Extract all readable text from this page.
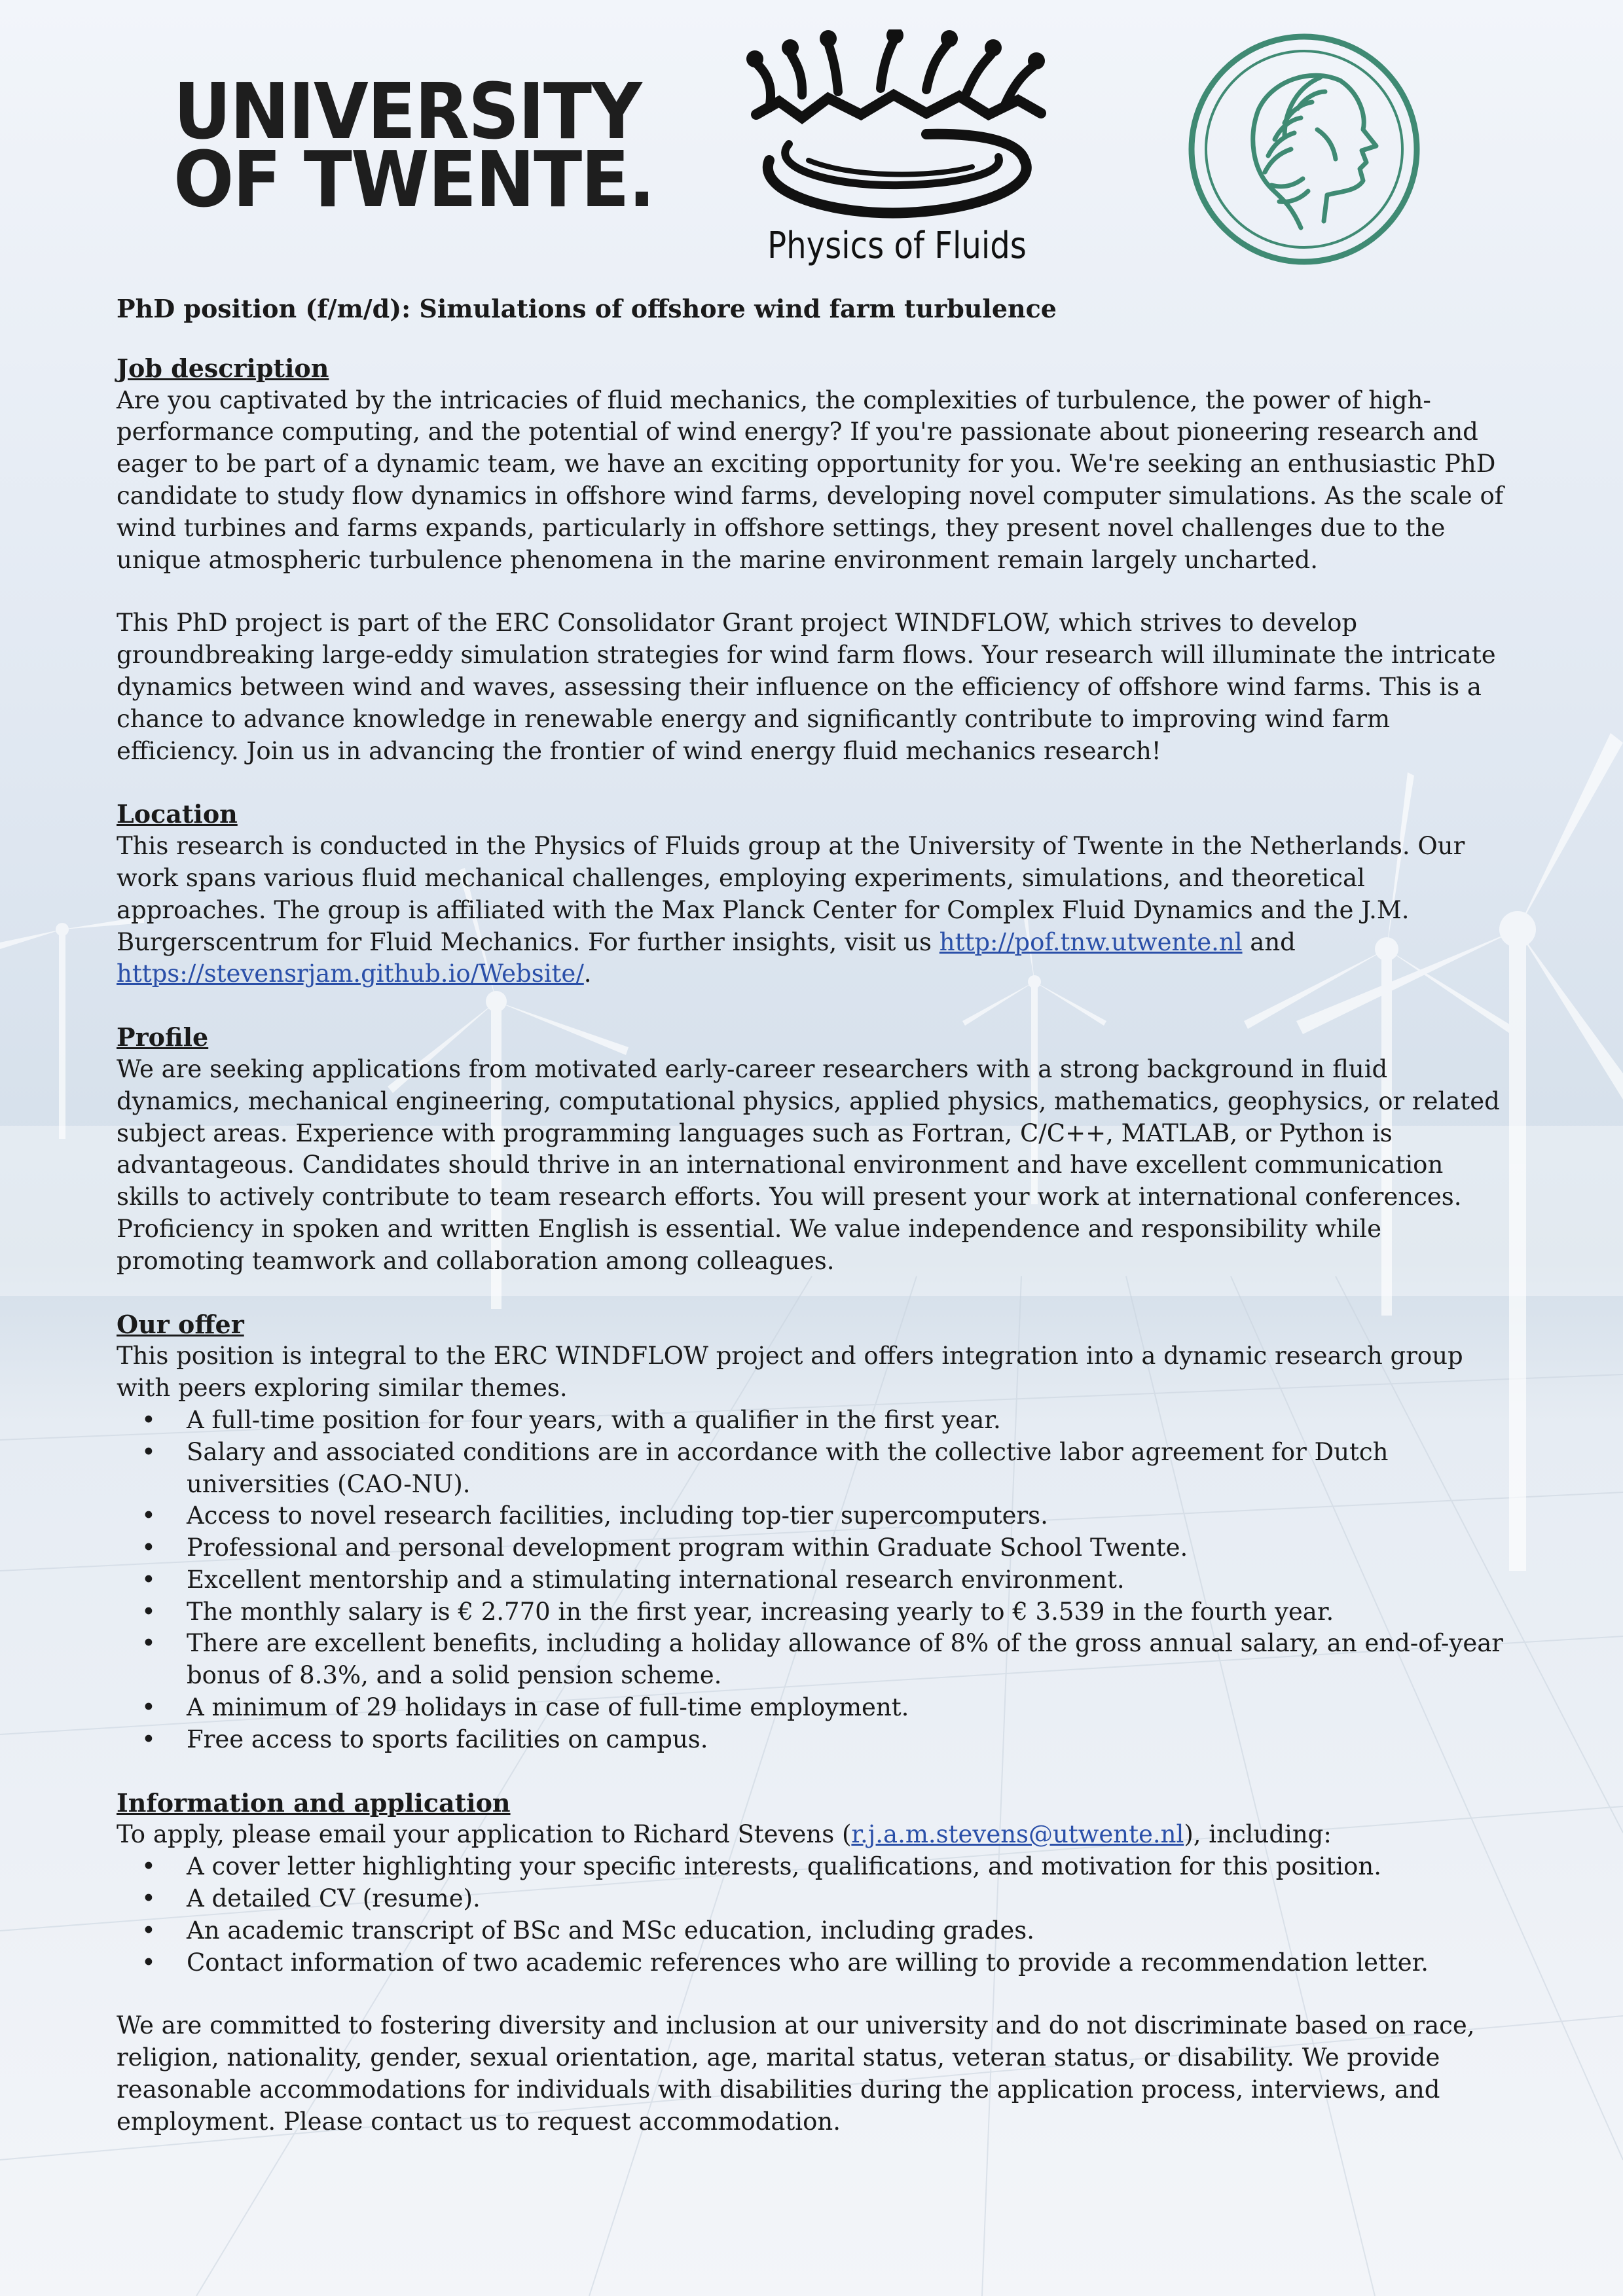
UNIVERSITY
OF TWENTE.
Physics of Fluids
PhD position (f/m/d): Simulations of offshore wind farm turbulence
Job description

Are you captivated by the intricacies of fluid mechanics, the complexities of turbulence, the power of high-performance computing, and the potential of wind energy? If you're passionate about pioneering research and eager to be part of a dynamic team, we have an exciting opportunity for you. We're seeking an enthusiastic PhD candidate to study flow dynamics in offshore wind farms, developing novel computer simulations. As the scale of wind turbines and farms expands, particularly in offshore settings, they present novel challenges due to the unique atmospheric turbulence phenomena in the marine environment remain largely uncharted.

This PhD project is part of the ERC Consolidator Grant project WINDFLOW, which strives to develop groundbreaking large-eddy simulation strategies for wind farm flows. Your research will illuminate the intricate dynamics between wind and waves, assessing their influence on the efficiency of offshore wind farms. This is a chance to advance knowledge in renewable energy and significantly contribute to improving wind farm efficiency. Join us in advancing the frontier of wind energy fluid mechanics research!

Location

This research is conducted in the Physics of Fluids group at the University of Twente in the Netherlands. Our work spans various fluid mechanical challenges, employing experiments, simulations, and theoretical approaches. The group is affiliated with the Max Planck Center for Complex Fluid Dynamics and the J.M. Burgerscentrum for Fluid Mechanics. For further insights, visit us http://pof.tnw.utwente.nl and https://stevensrjam.github.io/Website/.

Profile

We are seeking applications from motivated early-career researchers with a strong background in fluid dynamics, mechanical engineering, computational physics, applied physics, mathematics, geophysics, or related subject areas. Experience with programming languages such as Fortran, C/C++, MATLAB, or Python is advantageous. Candidates should thrive in an international environment and have excellent communication skills to actively contribute to team research efforts. You will present your work at international conferences. Proficiency in spoken and written English is essential. We value independence and responsibility while promoting teamwork and collaboration among colleagues.

Our offer

This position is integral to the ERC WINDFLOW project and offers integration into a dynamic research group with peers exploring similar themes.

• A full-time position for four years, with a qualifier in the first year.
• Salary and associated conditions are in accordance with the collective labor agreement for Dutch universities (CAO-NU).
• Access to novel research facilities, including top-tier supercomputers.
• Professional and personal development program within Graduate School Twente.
• Excellent mentorship and a stimulating international research environment.
• The monthly salary is € 2.770 in the first year, increasing yearly to € 3.539 in the fourth year.
• There are excellent benefits, including a holiday allowance of 8% of the gross annual salary, an end-of-year bonus of 8.3%, and a solid pension scheme.
• A minimum of 29 holidays in case of full-time employment.
• Free access to sports facilities on campus.
Information and application

To apply, please email your application to Richard Stevens (r.j.a.m.stevens@utwente.nl), including:

• A cover letter highlighting your specific interests, qualifications, and motivation for this position.
• A detailed CV (resume).
• An academic transcript of BSc and MSc education, including grades.
• Contact information of two academic references who are willing to provide a recommendation letter.

We are committed to fostering diversity and inclusion at our university and do not discriminate based on race, religion, nationality, gender, sexual orientation, age, marital status, veteran status, or disability. We provide reasonable accommodations for individuals with disabilities during the application process, interviews, and employment. Please contact us to request accommodation.
